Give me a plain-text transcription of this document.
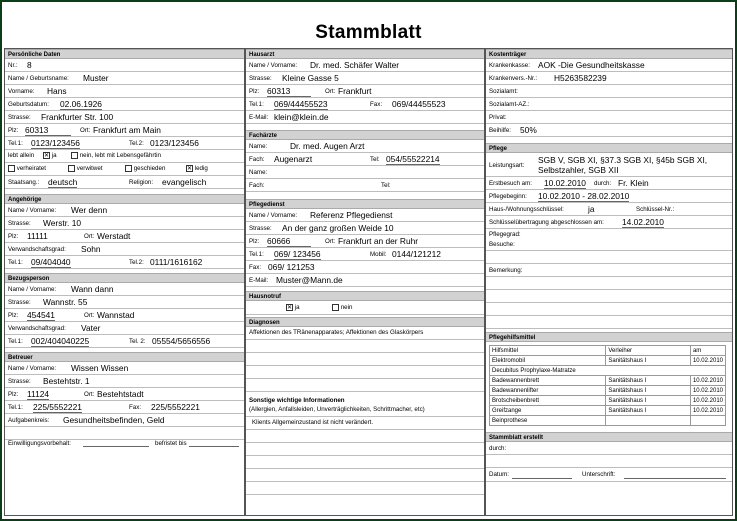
Stammblatt
Persönliche Daten
Nr.: 8
Name / Geburtsname: Muster
Vorname: Hans
Geburtsdatum: 02.06.1926
Strasse: Frankfurter Str. 100
Plz: 60313	Ort: Frankfurt am Main
Tel.1: 0123/123456	Tel.2: 0123/123456
lebt allein ✕ ja	nein, lebt mit Lebensgefährtin
verheiratet	verwitwet	geschieden	✕ ledig
Staatsang.: deutsch	Religion: evangelisch
Angehörige
Name / Vorname: Wer denn
Strasse: Werstr. 10
Plz: 11111	Ort: Werstadt
Verwandschaftsgrad: Sohn
Tel.1: 09/404040	Tel.2: 0111/1616162
Bezugsperson
Name / Vorname: Wann dann
Strasse: Wannstr. 55
Plz: 454541	Ort: Wannstad
Verwandschaftsgrad: Vater
Tel.1: 002/404040225	Tel. 2: 05554/5656556
Betreuer
Name / Vorname: Wissen Wissen
Strasse: Bestehtstr. 1
Plz: 11124	Ort: Bestehtstadt
Tel.1: 225/5552221	Fax: 225/5552221
Aufgabenkreis: Gesundheitsbefinden, Geld
Einwilligungsvorbehalt:	befristet bis
Hausarzt
Name / Vorname: Dr. med. Schäfer Walter
Strasse: Kleine Gasse 5
Plz: 60313	Ort: Frankfurt
Tel.1: 069/44455523	Fax: 069/44455523
E-Mail: klein@klein.de
Fachärzte
Name:	Dr. med. Augen Arzt
Fach: Augenarzt	Tel: 054/55522214
Name:
Fach:	Tel:
Pflegedienst
Name / Vorname: Referenz Pflegedienst
Strasse: An der ganz großen Weide 10
Plz: 60666	Ort: Frankfurt an der Ruhr
Tel.1: 069/ 123456	Mobil: 0144/121212
Fax: 069/ 121253
E-Mail: Muster@Mann.de
Hausnotruf
✕ ja	nein
Diagnosen
Affektionen des TRänenapparates; Affektionen des Glaskörpers
Sonstige wichtige Informationen
(Allergien, Anfallsleiden, Unverträglichkeiten, Schrittmacher, etc)
Klients Allgemeinzustand ist nicht verändert.
Kostenträger
Krankenkasse: AOK -Die Gesundheitskasse
Krankenvers.-Nr.: H5263582239
Sozialamt:
Sozialamt-AZ.:
Privat:
Beihilfe: 50%
Pflege
Leistungsart:
SGB V, SGB XI, §37.3 SGB XI, §45b SGB XI,
Selbstzahler, SGB XII
Erstbesuch am: 10.02.2010 durch: Fr. Klein
Pflegebeginn: 10.02.2010 - 28.02.2010
Haus-/Wohnungsschlüssel:	ja	Schlüssel-Nr.:
Schlüsselübertragung abgeschlossen am: 14.02.2010
Pflegegrad:
Besuche:
Bemerkung:
Pflegehilfsmittel
Hilfsmittel	Verleiher	am
Elektromobil	Sanitätshaus I	10.02.2010
Decubitus Prophylaxe-Matratze		
Badewannenbrett	Sanitätshaus I	10.02.2010
Badewannenlifter	Sanitätshaus I	10.02.2010
Brotscheibenbrett	Sanitätshaus I	10.02.2010
Greifzange	Sanitätshaus I	10.02.2010
Beinprothese		
Stammblatt erstellt
durch:
Datum:	Unterschrift:
